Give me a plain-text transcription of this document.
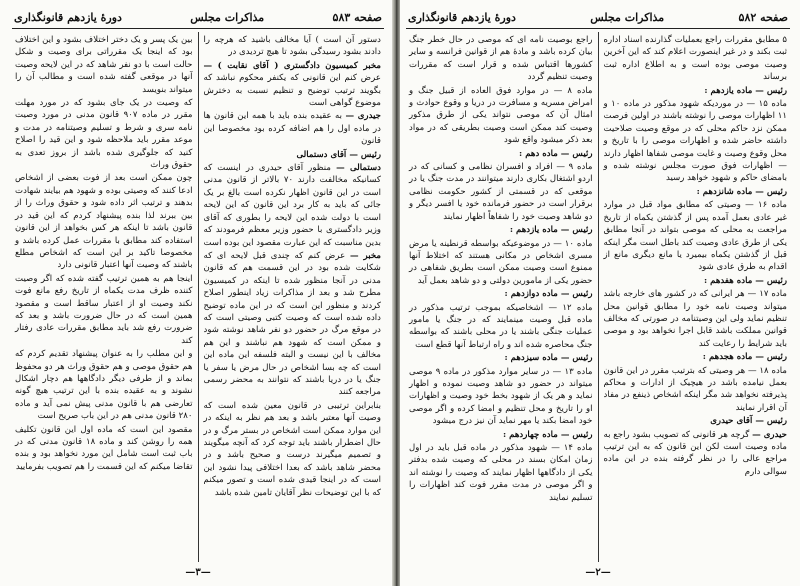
صفحه ۵۸۳
مذاکرات مجلس
دورهٔ یازدهم قانونگذاری

دستور آن است ) آیا مخالف باشید که هرچه را دادند بشود رسیدگی بشود تا هیچ تردیدی در

مخبر کمیسیون دادگستری ( آقای نقابت ) — عرض کنم این قانونی که یکنفر محکوم نباشد که بگویند ترتیب توضیح و تنظیم نسبت به دخترش موضوع گواهی است

جیدری — به عقیده بنده باید با همه این قانون ها در ماده اول را هم اضافه کرده بود مخصوصا این قانون

رئیس — آقای دستمالی

دستمالی — منظور آقای حیدری در اینست که کسانیکه مخالفت دارند ۷۰ بالاتر از قانون مدنی است در این قانون اظهار نکرده است بالغ بر یک جائی که باید به کار برد این قانون که این لایحه است با دولت شده این لایحه را بطوری که آقای وزیر دادگستری با حضور وزیر معظم فرمودند که بدین مناسبت که این عبارت مقصود این بوده است

مخبر — عرض کنم که چندی قبل لایحه ای که شکایت شده بود در این قسمت هم که قانون مدنی در آنجا منظور شده تا اینکه در کمیسیون مطرح شد و بعد از مذاکرات زیاد اینطور اصلاح کردند و منظور این است که در این ماده توضیح داده شده است که وصیت کتبی وصیتی است که در موقع مرگ در حضور دو نفر شاهد نوشته شود و ممکن است که شهود هم نباشند و این هم مخالف با این نیست و البته فلسفه این ماده این است که چه بسا اشخاص در حال مرض یا سفر یا جنگ یا در دریا باشند که نتوانند به محضر رسمی مراجعه کنند

بنابراین ترتیبی در قانون معین شده است که وصیت آنها معتبر باشد و بعد هم نظر به اینکه در این موارد ممکن است اشخاص در بستر مرگ و در حال اضطرار باشند باید توجه کرد که آنچه میگویند و تصمیم میگیرند درست و صحیح باشد و در محضر شاهد باشد که بعدا اختلافی پیدا نشود این است که در اینجا قیدی شده است و تصور میکنم که با این توضیحات نظر آقایان تامین شده باشد

بین یک پسر و یک دختر اختلاف بشود و این اختلاف بود که اینجا یک مقرراتی برای وصیت و شکل حالت است با دو نفر شاهد که در این لایحه وصیت آنها در موقعی گفته شده است و مطالب آن را میتواند بنویسد

که وصیت در یک جای بشود که در مورد مهلت مقرر در ماده ۹۰۷ قانون مدنی در مورد وصیت نامه سری و شرط و تسلیم وصیتنامه در مدت و موعد مقرر باید ملاحظه شود و این قید را اصلاح کنید که جلوگیری شده باشد از بروز تعدی به حقوق وراث

چون ممکن است بعد از فوت بعضی از اشخاص ادعا کنند که وصیتی بوده و شهود هم بیایند شهادت بدهند و ترتیب اثر داده شود و حقوق وراث را از بین ببرند لذا بنده پیشنهاد کردم که این قید در قانون باشد تا اینکه هر کس بخواهد از این قانون استفاده کند مطابق با مقررات عمل کرده باشد و مخصوصا تاکید بر این است که اشخاص مطلع باشند که وصیت آنها اعتبار قانونی دارد

اینجا هم به همین ترتیب گفته شده که اگر وصیت کننده ظرف مدت یکماه از تاریخ رفع مانع فوت نکند وصیت او از اعتبار ساقط است و مقصود همین است که در حال ضرورت باشد و بعد که ضرورت رفع شد باید مطابق مقررات عادی رفتار کند

و این مطلب را به عنوان پیشنهاد تقدیم کردم که هم حقوق موصی و هم حقوق وراث هر دو محفوظ بماند و از طرفی دیگر دادگاهها هم دچار اشکال نشوند و به عقیده بنده با این ترتیب هیچ گونه تعارضی هم با قانون مدنی پیش نمی آید و ماده ۲۸۰ قانون مدنی هم در این باب صریح است

مقصود این است که ماده اول این قانون تکلیف همه را روشن کند و ماده ۱۸ قانون مدنی که در باب ثبت است شامل این مورد نخواهد بود و بنده تقاضا میکنم که این قسمت را هم تصویب بفرمایید

—۳—
صفحه ۵۸۲
مذاکرات مجلس
دورهٔ یازدهم قانونگذاری

۵ مطابق مقررات راجع بعملیات گذارنده اسناد اداره ثبت بکند و در غیر اینصورت اعلام کند که این آخرین وصیت موصی بوده است و به اطلاع اداره ثبت برساند

رئیس — ماده یازدهم :

ماده ۱۵ — در موردیکه شهود مذکور در ماده ۱۰ و ۱۱ اظهارات موصی را نوشته باشند در اولین فرصت ممکن نزد حاکم محلی که در موقع وصیت صلاحیت داشته حاضر شده و اظهارات موصی را با تاریخ و محل وقوع وصیت و غایت موصی شفاها اظهار دارند — اظهارات فوق صورت مجلس نوشته شده و بامضای حاکم و شهود خواهد رسید

رئیس — ماده شانزدهم :

ماده ۱۶ — وصیتی که مطابق مواد قبل در موارد غیر عادی بعمل آمده پس از گذشتن یکماه از تاریخ مراجعت به محلی که موصی بتواند در آنجا مطابق یکی از طرق عادی وصیت کند باطل است مگر اینکه قبل از گذشتن یکماه بیمیرد یا مانع دیگری مانع از اقدام به طرق عادی شود

رئیس — ماده هفدهم :

ماده ۱۷ — هر ایرانی که در کشور های خارجه باشد میتواند وصیت نامه خود را مطابق قوانین محل تنظیم نماید ولی این وصیتنامه در صورتی که مخالف قوانین مملکت باشد قابل اجرا نخواهد بود و موصی باید شرایط را رعایت کند

رئیس — ماده هجدهم :

ماده ۱۸ — هر وصیتی که بترتیب مقرر در این قانون بعمل نیامده باشد در هیچیک از ادارات و محاکم پذیرفته نخواهد شد مگر اینکه اشخاص ذینفع در مفاد آن اقرار نمایند

رئیس — آقای حیدری

حیدری — گرچه هر قانونی که تصویب بشود راجع به ماده وصیت است لکن این قانون که به این ترتیب مراجع عالی را در نظر گرفته بنده در این ماده سوالی دارم

راجع بوصیت نامه ای که موصی در حال خطر جنگ بیان کرده باشد و مادهٔ هم از قوانین فرانسه و سایر کشورها اقتباس شده و قرار است که مقررات وصیت تنظیم گردد

ماده ۸ — در موارد فوق العاده از قبیل جنگ و امراض مسریه و مسافرت در دریا و وقوع حوادث و امثال آن که موصی نتواند یکی از طرق مذکور وصیت کند ممکن است وصیت بطریقی که در مواد بعد ذکر میشود واقع شود

رئیس — ماده دهم :

ماده ۹ — افراد و افسران نظامی و کسانی که در اردو اشتغال بکاری دارند میتوانند در مدت جنگ یا در موقعی که در قسمتی از کشور حکومت نظامی برقرار است در حضور فرمانده خود یا افسر دیگر و دو شاهد وصیت خود را شفاهاً اظهار نمایند

رئیس — ماده یازدهم :

ماده ۱۰ — در موضوعیکه بواسطه قرنطینه یا مرض مسری اشخاص در مکانی هستند که اختلاط آنها ممنوع است وصیت ممکن است بطریق شفاهی در حضور یکی از مامورین دولتی و دو شاهد بعمل آید

رئیس — ماده دوازدهم :

ماده ۱۲ — اشخاصیکه بموجب ترتیب مذکور در ماده قبل وصیت مینمایند که در جنگ یا مامور عملیات جنگی باشند یا در محلی باشند که بواسطه جنگ محاصره شده اند و راه ارتباط آنها قطع است

رئیس — ماده سیزدهم :

ماده ۱۳ — در سایر موارد مذکور در ماده ۹ موصی میتواند در حضور دو شاهد وصیت نموده و اظهار نماید و هر یک از شهود بخط خود وصیت و اظهارات او را تاریخ و محل تنظیم و امضا کرده و اگر موصی خود امضا بکند یا مهر نماید آن نیز درج میشود

رئیس — ماده چهاردهم :

ماده ۱۴ — شهود مذکور در ماده قبل باید در اول زمان امکان بسند در محلی که وصیت شده بدفتر یکی از دادگاهها اظهار نمایند که وصیت را نوشته اند و اگر موصی در مدت مقرر فوت کند اظهارات را تسلیم نمایند

—۲—
